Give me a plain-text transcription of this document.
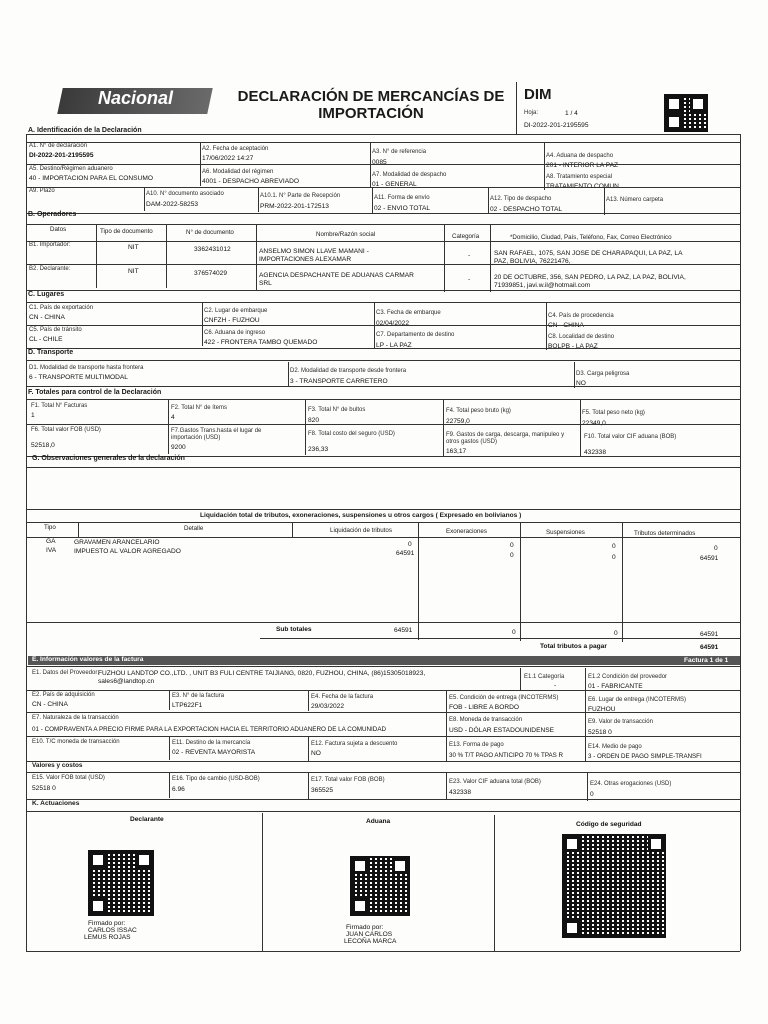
Nacional	DECLARACIÓN DE MERCANCÍAS DE
IMPORTACIÓN
DIM
Hoja:	1 / 4
DI-2022-201-2195595
A. Identificación de la Declaración
A1. N° de declaración
DI-2022-201-2195595
A2. Fecha de aceptación
17/06/2022 14:27
A3. N° de referencia
0085
A4. Aduana de despacho
201 - INTERIOR LA PAZ
A5. Destino/Régimen aduanero
40 - IMPORTACION PARA EL CONSUMO
A6. Modalidad del régimen
4001 - DESPACHO ABREVIADO
A7. Modalidad de despacho
01 - GENERAL
A8. Tratamiento especial
TRATAMIENTO COMUN
A9. Plazo	A10. N° documento asociado
DAM-2022-58253
A10.1. N° Parte de Recepción
PRM-2022-201-172513
A11. Forma de envío
02 - ENVIO TOTAL
A12. Tipo de despacho
02 - DESPACHO TOTAL
A13. Número carpeta
B. Operadores
Datos	Tipo de documento	N° de documento	Nombre/Razón social	Categoría	*Domicilio, Ciudad, País, Teléfono, Fax, Correo Electrónico
B1. Importador:	NIT	3362431012	ANSELMO SIMON LLAVE MAMANI -
IMPORTACIONES ALEXAMAR
-	SAN RAFAEL, 1075, SAN JOSE DE CHARAPAQUI, LA PAZ, LA
PAZ, BOLIVIA, 76221476,
B2. Declarante:	NIT	376574029	AGENCIA DESPACHANTE DE ADUANAS CARMAR
SRL
-	20 DE OCTUBRE, 356, SAN PEDRO, LA PAZ, LA PAZ, BOLIVIA,
71939851, javi.w.il@hotmail.com
C. Lugares
C1. País de exportación
CN - CHINA
C2. Lugar de embarque
CNFZH - FUZHOU
C3. Fecha de embarque
02/04/2022
C4. País de procedencia
CN - CHINA
C5. País de tránsito
CL - CHILE
C6. Aduana de ingreso
422 - FRONTERA TAMBO QUEMADO
C7. Departamento de destino
LP - LA PAZ
C8. Localidad de destino
BOLPB - LA PAZ
D. Transporte
D1. Modalidad de transporte hasta frontera
6 - TRANSPORTE MULTIMODAL
D2. Modalidad de transporte desde frontera
3 - TRANSPORTE CARRETERO
D3. Carga peligrosa
NO
F. Totales para control de la Declaración
F1. Total N° Facturas
1
F2. Total N° de ítems
4
F3. Total N° de bultos
820
F4. Total peso bruto (kg)
22759,0
F5. Total peso neto (kg)
22349,0
F6. Total valor FOB (USD)
52518,0
F7.Gastos Trans.hasta el lugar de
importación (USD)
9200
F8. Total costo del seguro (USD)
236,33
F9. Gastos de carga, descarga, manipuleo y
otros gastos (USD)
163,17
F10. Total valor CIF aduana (BOB)
432338
G. Observaciones generales de la declaración
Liquidación total de tributos, exoneraciones, suspensiones u otros cargos ( Expresado en bolivianos )
Tipo	Detalle	Liquidación de tributos	Exoneraciones	Suspensiones	Tributos determinados
GA	GRAVAMEN ARANCELARIO	0	0	0	0
IVA	IMPUESTO AL VALOR AGREGADO	64591	0	0	64591
Sub totales	64591	0	0	64591
Total tributos a pagar	64591
E. Información valores de la factura	Factura 1 de 1
E1. Datos del Proveedor:
FUZHOU LANDTOP CO.,LTD. , UNIT B3 FULI CENTRE TAIJIANG, 0820, FUZHOU, CHINA, (86)15305018923,
sales6@landtop.cn
E1.1 Categoría
-
E1.2 Condición del proveedor
01 - FABRICANTE
E2. País de adquisición
CN - CHINA
E3. N° de la factura
LTP622F1
E4. Fecha de la factura
29/03/2022
E5. Condición de entrega (INCOTERMS)
FOB - LIBRE A BORDO
E6. Lugar de entrega (INCOTERMS)
FUZHOU
E7. Naturaleza de la transacción
01 - COMPRAVENTA A PRECIO FIRME PARA LA EXPORTACION HACIA EL TERRITORIO ADUANERO DE LA COMUNIDAD
E8. Moneda de transacción
USD - DÓLAR ESTADOUNIDENSE
E9. Valor de transacción
52518 0
E10. T/C moneda de transacción	E11. Destino de la mercancía
02 - REVENTA MAYORISTA
E12. Factura sujeta a descuento
NO
E13. Forma de pago
30 % T/T PAGO ANTICIPO 70 % TPAS R
E14. Medio de pago
3 - ORDEN DE PAGO SIMPLE-TRANSFI
Valores y costos
E15. Valor FOB total (USD)
52518 0
E16. Tipo de cambio (USD-BOB)
6.96
E17. Total valor FOB (BOB)
365525
E23. Valor CIF aduana total (BOB)
432338
E24. Otras erogaciones (USD)
0
K. Actuaciones
Declarante	Aduana	Código de seguridad
Firmado por:
CARLOS ISSAC
LEMUS ROJAS
Firmado por:
JUAN CARLOS
LECOÑA MARCA
